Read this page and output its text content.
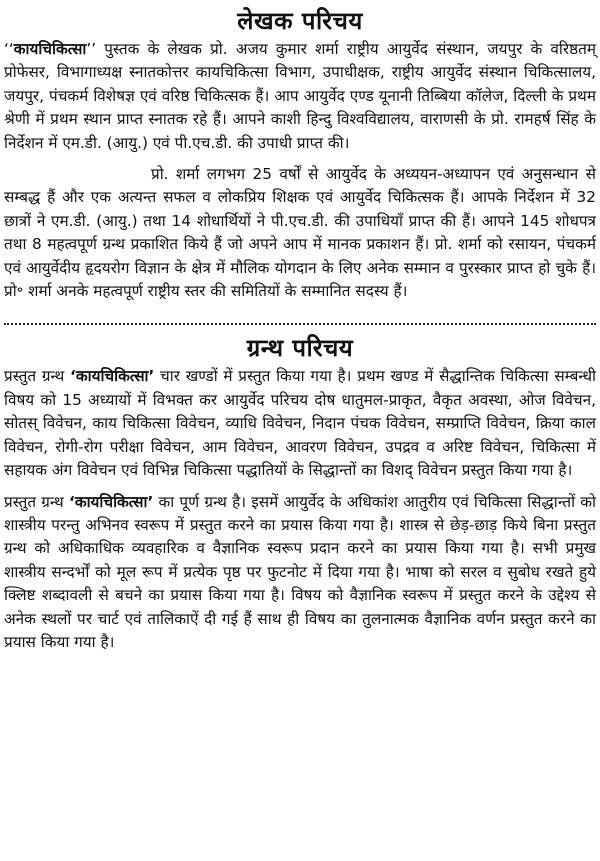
लेखक परिचय

‘‘कायचिकित्सा’’ पुस्तक के लेखक प्रो. अजय कुमार शर्मा राष्ट्रीय आयुर्वेद संस्थान, जयपुर के वरिष्ठतम् प्रोफेसर, विभागाध्यक्ष स्नातकोत्तर कायचिकित्सा विभाग, उपाधीक्षक, राष्ट्रीय आयुर्वेद संस्थान चिकित्सालय, जयपुर, पंचकर्म विशेषज्ञ एवं वरिष्ठ चिकित्सक हैं। आप आयुर्वेद एण्ड यूनानी तिब्बिया कॉलेज, दिल्ली के प्रथम श्रेणी में प्रथम स्थान प्राप्त स्नातक रहे हैं। आपने काशी हिन्दु विश्वविद्यालय, वाराणसी के प्रो. रामहर्ष सिंह के निर्देशन में एम.डी. (आयु.) एवं पी.एच.डी. की उपाधी प्राप्त की।

प्रो. शर्मा लगभग 25 वर्षों से आयुर्वेद के अध्ययन-अध्यापन एवं अनुसन्धान से सम्बद्ध हैं और एक अत्यन्त सफल व लोकप्रिय शिक्षक एवं आयुर्वेद चिकित्सक हैं। आपके निर्देशन में 32 छात्रों ने एम.डी. (आयु.) तथा 14 शोधार्थियों ने पी.एच.डी. की उपाधियाँ प्राप्त की हैं। आपने 145 शोधपत्र तथा 8 महत्वपूर्ण ग्रन्थ प्रकाशित किये हैं जो अपने आप में मानक प्रकाशन हैं। प्रो. शर्मा को रसायन, पंचकर्म एवं आयुर्वेदीय हृदयरोग विज्ञान के क्षेत्र में मौलिक योगदान के लिए अनेक सम्मान व पुरस्कार प्राप्त हो चुके हैं। प्रो॰ शर्मा अनके महत्वपूर्ण राष्ट्रीय स्तर की समितियों के सम्मानित सदस्य हैं।

ग्रन्थ परिचय

प्रस्तुत ग्रन्थ ‘कायचिकित्सा’ चार खण्डों में प्रस्तुत किया गया है। प्रथम खण्ड में सैद्धान्तिक चिकित्सा सम्बन्धी विषय को 15 अध्यायों में विभक्त कर आयुर्वेद परिचय दोष धातुमल-प्राकृत, वैकृत अवस्था, ओज विवेचन, सोतस् विवेचन, काय चिकित्सा विवेचन, व्याधि विवेचन, निदान पंचक विवेचन, सम्प्राप्ति विवेचन, क्रिया काल विवेचन, रोगी-रोग परीक्षा विवेचन, आम विवेचन, आवरण विवेचन, उपद्रव व अरिष्ट विवेचन, चिकित्सा में सहायक अंग विवेचन एवं विभिन्न चिकित्सा पद्धातियों के सिद्धान्तों का विशद् विवेचन प्रस्तुत किया गया है।

प्रस्तुत ग्रन्थ ‘कायचिकित्सा’ का पूर्ण ग्रन्थ है। इसमें आयुर्वेद के अधिकांश आतुरीय एवं चिकित्सा सिद्धान्तों को शास्त्रीय परन्तु अभिनव स्वरूप में प्रस्तुत करने का प्रयास किया गया है। शास्त्र से छेड़-छाड़ किये बिना प्रस्तुत ग्रन्थ को अधिकाधिक व्यवहारिक व वैज्ञानिक स्वरूप प्रदान करने का प्रयास किया गया है। सभी प्रमुख शास्त्रीय सन्दर्भों को मूल रूप में प्रत्येक पृष्ठ पर फुटनोट में दिया गया है। भाषा को सरल व सुबोध रखते हुये क्लिष्ट शब्दावली से बचने का प्रयास किया गया है। विषय को वैज्ञानिक स्वरूप में प्रस्तुत करने के उद्देश्य से अनेक स्थलों पर चार्ट एवं तालिकाऐं दी गई हैं साथ ही विषय का तुलनात्मक वैज्ञानिक वर्णन प्रस्तुत करने का प्रयास किया गया है।
